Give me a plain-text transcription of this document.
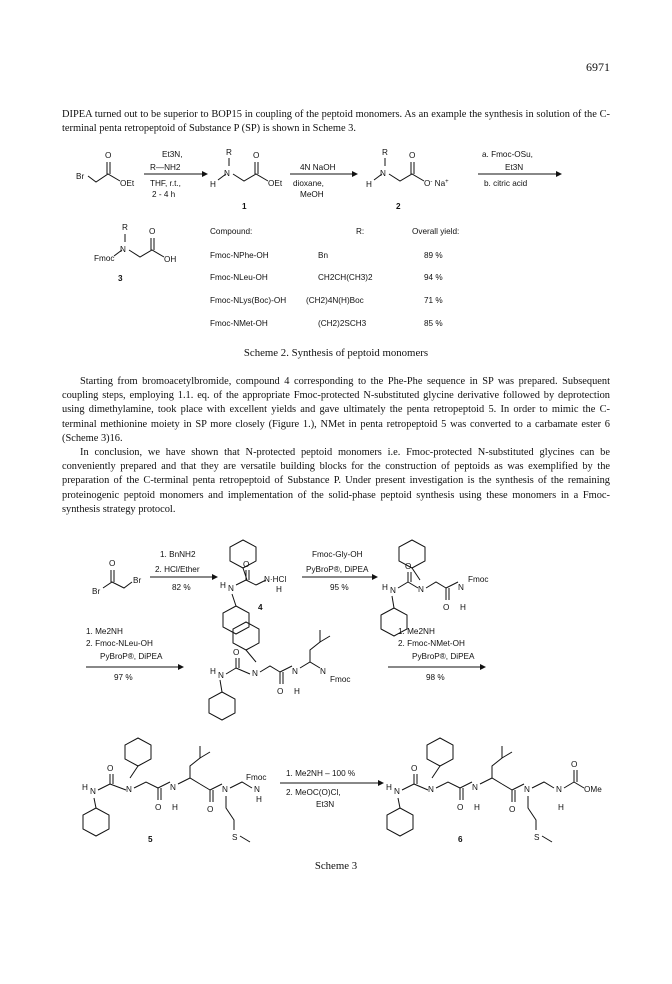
6971

DIPEA turned out to be superior to BOP15 in coupling of the peptoid monomers. As an example the synthesis in solution of the C-terminal penta retropeptoid of Substance P (SP) is shown in Scheme 3.

Br
O
OEt
Et3N,
R—NH2
THF, r.t.,
2 - 4 h
H
N
R	O
OEt
1
4N NaOH
dioxane,
MeOH
H
N
R	O
O- Na+
2
a. Fmoc-OSu,
Et3N
b. citric acid
Fmoc
N
R	O
OH
3
Compound:	R:	Overall yield:
Fmoc-NPhe-OH	Bn	89 %
Fmoc-NLeu-OH	CH2CH(CH3)2	94 %
Fmoc-NLys(Boc)-OH (CH2)4N(H)Boc	71 %
Fmoc-NMet-OH	(CH2)2SCH3	85 %
Scheme 2. Synthesis of peptoid monomers

Starting from bromoacetylbromide, compound 4 corresponding to the Phe-Phe sequence in SP was prepared. Subsequent coupling steps, employing 1.1. eq. of the appropriate Fmoc-protected N-substituted glycine derivative followed by deprotection using dimethylamine, took place with excellent yields and gave ultimately the penta retropeptoid 5. In order to mimic the C-terminal methionine moiety in SP more closely (Figure 1.), NMet in penta retropeptoid 5 was converted to a carbamate ester 6 (Scheme 3)16.

In conclusion, we have shown that N-protected peptoid monomers i.e. Fmoc-protected N-substituted glycines can be conveniently prepared and that they are versatile building blocks for the construction of peptoids as was exemplified by the preparation of the C-terminal penta retropeptoid of Substance P. Under present investigation is the synthesis of the remaining proteinogenic peptoid monomers and implementation of the solid-phase peptoid synthesis using these monomers in a Fmoc-synthesis strategy protocol.

Br
O
Br
1. BnNH2
2. HCl/Ether
82 %	H N
O
N·HCl
H
4
Fmoc-Gly-OH
PyBroP®, DiPEA
95 %	H N
O
N
O
N
H
Fmoc
1. Me2NH
2. Fmoc-NLeu-OH
PyBroP®, DiPEA
97 %
H N
O
N
O
N
H
N
Fmoc
1. Me2NH
2. Fmoc-NMet-OH
PyBroP®, DiPEA
98 %
H N
O
N
O
N
H	O
N	N
H
Fmoc
S
5
1. Me2NH – 100 %
2. MeOC(O)Cl,
Et3N
H N
O
N
O
N
H	O
N	N
H
O
OMe
S
6
Scheme 3
